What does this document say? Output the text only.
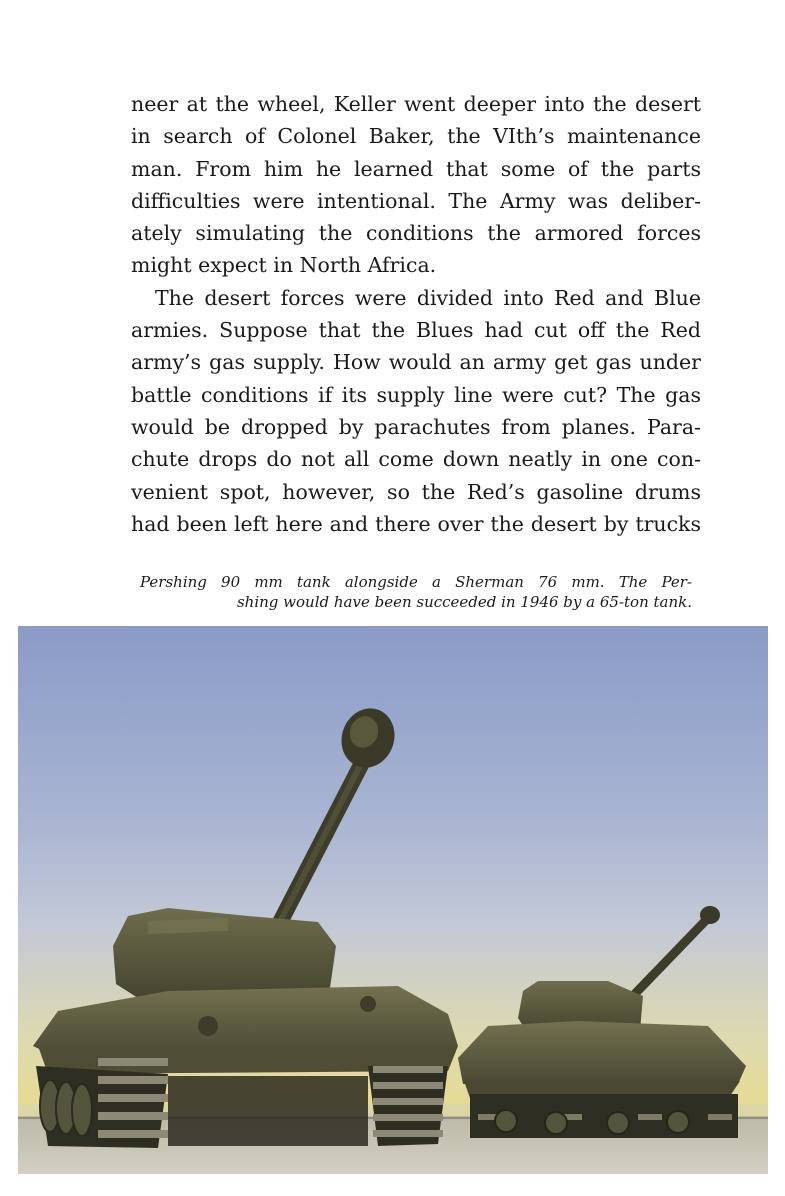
neer at the wheel, Keller went deeper into the desert
in search of Colonel Baker, the VIth’s maintenance
man. From him he learned that some of the parts
difficulties were intentional. The Army was deliber-
ately simulating the conditions the armored forces
might expect in North Africa.
The desert forces were divided into Red and Blue
armies. Suppose that the Blues had cut off the Red
army’s gas supply. How would an army get gas under
battle conditions if its supply line were cut? The gas
would be dropped by parachutes from planes. Para-
chute drops do not all come down neatly in one con-
venient spot, however, so the Red’s gasoline drums
had been left here and there over the desert by trucks
Pershing 90 mm tank alongside a Sherman 76 mm. The Per-
shing would have been succeeded in 1946 by a 65-ton tank.
